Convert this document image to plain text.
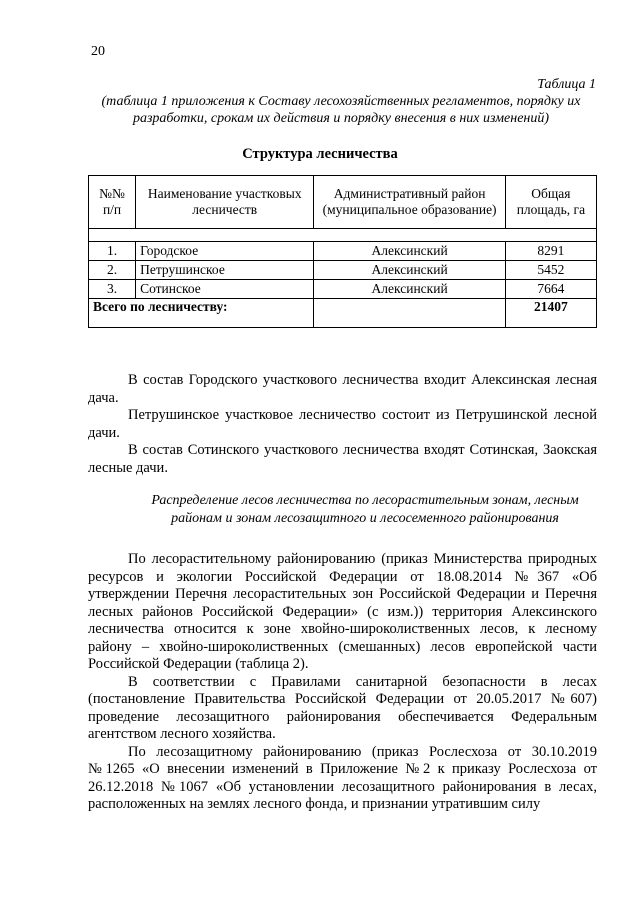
20
Таблица 1
(таблица 1 приложения к Составу лесохозяйственных регламентов, порядку их разработки, срокам их действия и порядку внесения в них изменений)
Структура лесничества
№№ п/п	Наименование участковых лесничеств	Административный район (муниципальное образование)	Общая площадь, га

1.	Городское	Алексинский	8291
2.	Петрушинское	Алексинский	5452
3.	Сотинское	Алексинский	7664
Всего по лесничеству:			21407

В состав Городского участкового лесничества входит Алексинская лесная дача.

Петрушинское участковое лесничество состоит из Петрушинской лесной дачи.

В состав Сотинского участкового лесничества входят Сотинская, Заокская лесные дачи.

Распределение лесов лесничества по лесорастительным зонам, лесным районам и зонам лесозащитного и лесосеменного районирования

По лесорастительному районированию (приказ Министерства природных ресурсов и экологии Российской Федерации от 18.08.2014 №367 «Об утверждении Перечня лесорастительных зон Российской Федерации и Перечня лесных районов Российской Федерации» (с изм.)) территория Алексинского лесничества относится к зоне хвойно-широколиственных лесов, к лесному району – хвойно-широколиственных (смешанных) лесов европейской части Российской Федерации (таблица 2).

В соответствии с Правилами санитарной безопасности в лесах (постановление Правительства Российской Федерации от 20.05.2017 №607) проведение лесозащитного районирования обеспечивается Федеральным агентством лесного хозяйства.

По лесозащитному районированию (приказ Рослесхоза от 30.10.2019 №1265 «О внесении изменений в Приложение №2 к приказу Рослесхоза от 26.12.2018 №1067 «Об установлении лесозащитного районирования в лесах, расположенных на землях лесного фонда, и признании утратившим силу
